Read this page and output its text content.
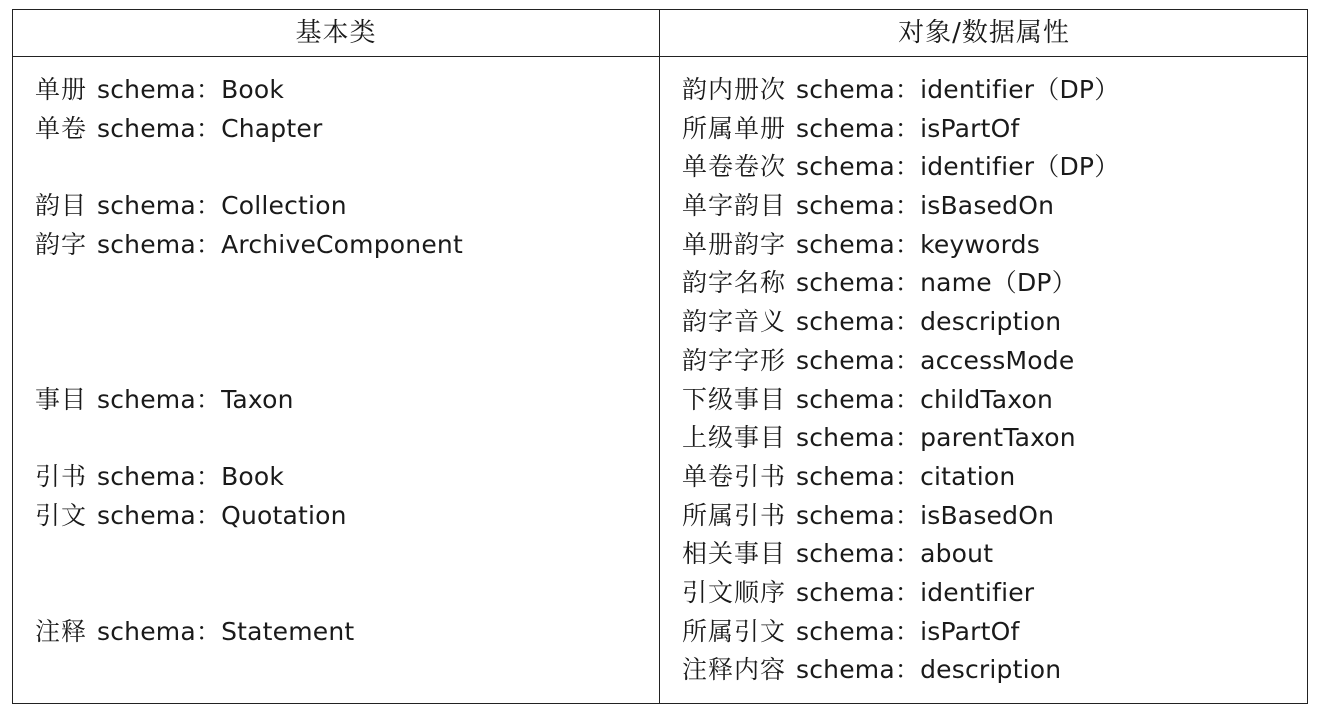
基本类	对象/数据属性
单册 schema：Book
单卷 schema：Chapter
韵目 schema：Collection
韵字 schema：ArchiveComponent
事目 schema：Taxon
引书 schema：Book
引文 schema：Quotation
注释 schema：Statement
韵内册次 schema：identifier（DP）
所属单册 schema：isPartOf
单卷卷次 schema：identifier（DP）
单字韵目 schema：isBasedOn
单册韵字 schema：keywords
韵字名称 schema：name（DP）
韵字音义 schema：description
韵字字形 schema：accessMode
下级事目 schema：childTaxon
上级事目 schema：parentTaxon
单卷引书 schema：citation
所属引书 schema：isBasedOn
相关事目 schema：about
引文顺序 schema：identifier
所属引文 schema：isPartOf
注释内容 schema：description
